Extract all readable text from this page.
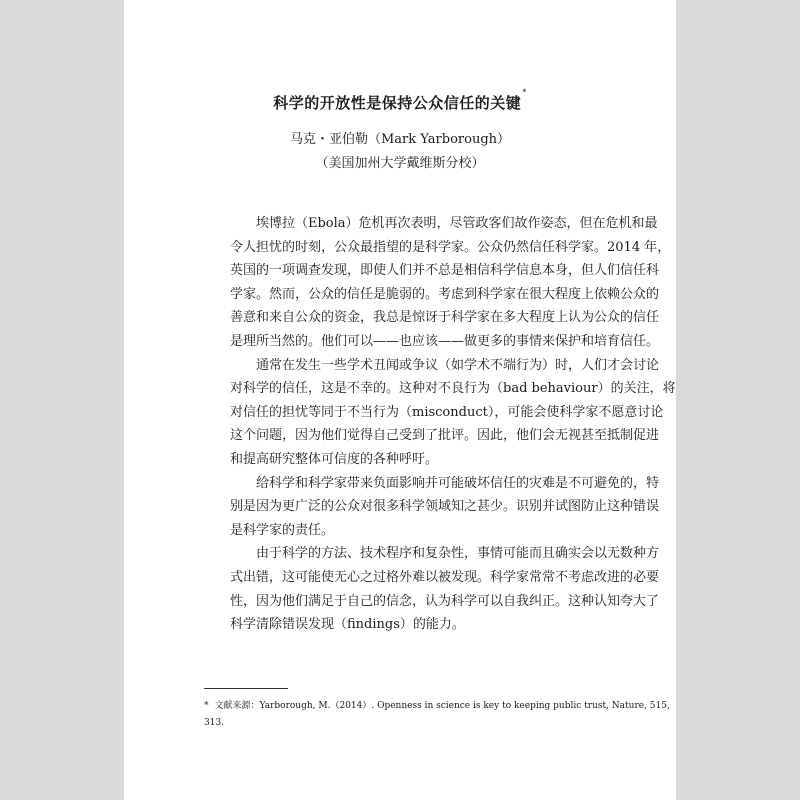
科学的开放性是保持公众信任的关键*
马克・亚伯勒（Mark Yarborough）
（美国加州大学戴维斯分校）
埃博拉（Ebola）危机再次表明，尽管政客们故作姿态，但在危机和最
令人担忧的时刻，公众最指望的是科学家。公众仍然信任科学家。2014 年，
英国的一项调查发现，即使人们并不总是相信科学信息本身，但人们信任科
学家。然而，公众的信任是脆弱的。考虑到科学家在很大程度上依赖公众的
善意和来自公众的资金，我总是惊讶于科学家在多大程度上认为公众的信任
是理所当然的。他们可以——也应该——做更多的事情来保护和培育信任。
通常在发生一些学术丑闻或争议（如学术不端行为）时，人们才会讨论
对科学的信任，这是不幸的。这种对不良行为（bad behaviour）的关注，将
对信任的担忧等同于不当行为（misconduct），可能会使科学家不愿意讨论
这个问题，因为他们觉得自己受到了批评。因此，他们会无视甚至抵制促进
和提高研究整体可信度的各种呼吁。
给科学和科学家带来负面影响并可能破坏信任的灾难是不可避免的，特
别是因为更广泛的公众对很多科学领域知之甚少。识别并试图防止这种错误
是科学家的责任。
由于科学的方法、技术程序和复杂性，事情可能而且确实会以无数种方
式出错，这可能使无心之过格外难以被发现。科学家常常不考虑改进的必要
性，因为他们满足于自己的信念，认为科学可以自我纠正。这种认知夸大了
科学清除错误发现（findings）的能力。
* 文献来源：Yarborough, M.（2014）. Openness in science is key to keeping public trust, Nature, 515,
313.
